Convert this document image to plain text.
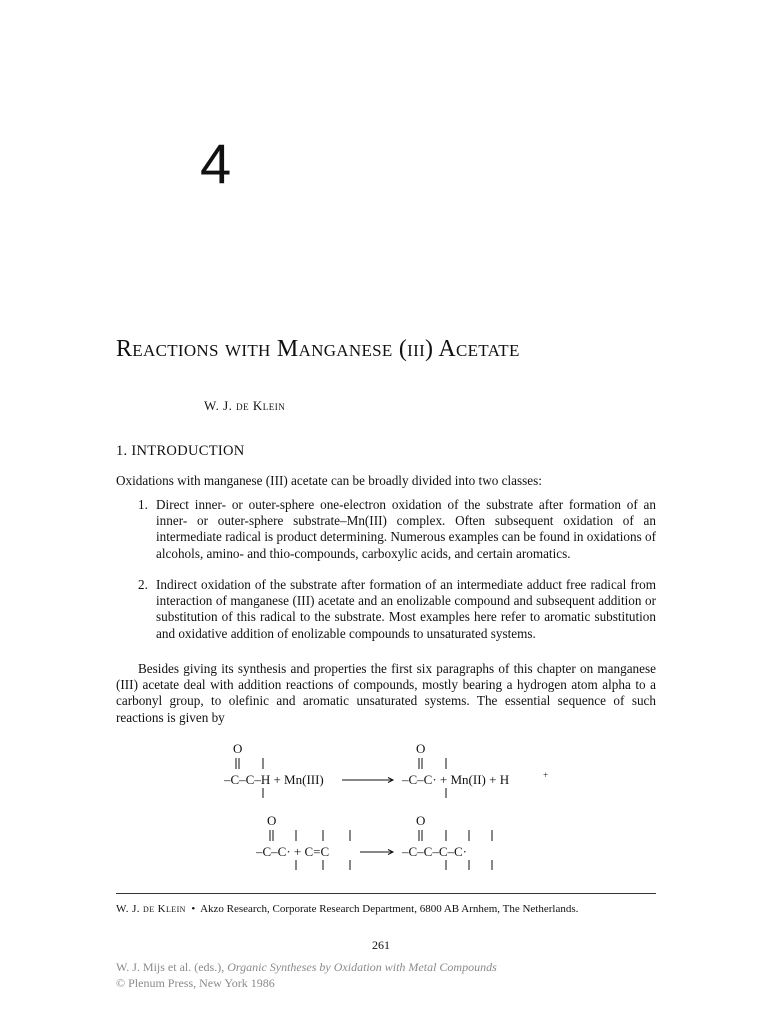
4
Reactions with Manganese (iii) Acetate
W. J. de Klein
1. INTRODUCTION
Oxidations with manganese (III) acetate can be broadly divided into two classes:
1. Direct inner- or outer-sphere one-electron oxidation of the substrate after formation of an inner- or outer-sphere substrate–Mn(III) complex. Often subsequent oxidation of an intermediate radical is product determining. Numerous examples can be found in oxidations of alcohols, amino- and thio-compounds, carboxylic acids, and certain aromatics.
2. Indirect oxidation of the substrate after formation of an intermediate adduct free radical from interaction of manganese (III) acetate and an enolizable compound and subsequent addition or substitution of this radical to the substrate. Most examples here refer to aromatic substitution and oxidative addition of enolizable compounds to unsaturated systems.
Besides giving its synthesis and properties the first six paragraphs of this chapter on manganese (III) acetate deal with addition reactions of compounds, mostly bearing a hydrogen atom alpha to a carbonyl group, to olefinic and aromatic unsaturated systems. The essential sequence of such reactions is given by
O	O
–C–C–H + Mn(III)	–C–C· + Mn(II) + H	+
O	O
–C–C· + C=C	–C–C–C–C·
W. J. de Klein • Akzo Research, Corporate Research Department, 6800 AB Arnhem, The Netherlands.
261
W. J. Mijs et al. (eds.), Organic Syntheses by Oxidation with Metal Compounds
© Plenum Press, New York 1986
